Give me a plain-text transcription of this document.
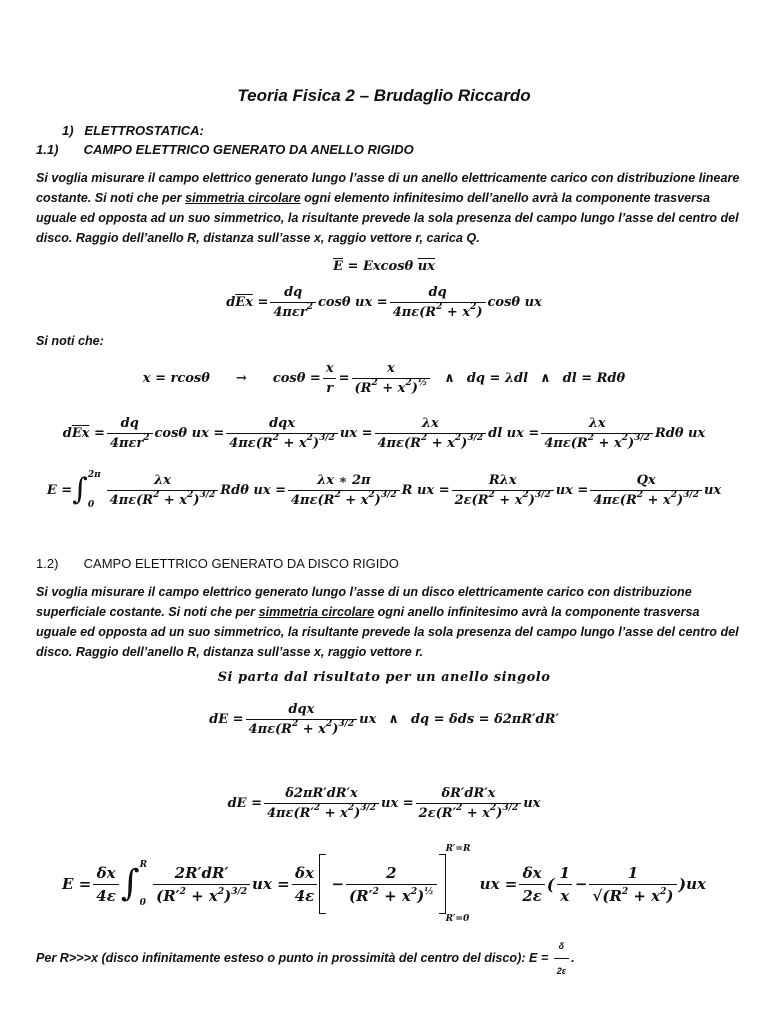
Teoria Fisica 2 – Brudaglio Riccardo
1) ELETTROSTATICA:
1.1) CAMPO ELETTRICO GENERATO DA ANELLO RIGIDO
Si voglia misurare il campo elettrico generato lungo l’asse di un anello elettricamente carico con distribuzione lineare costante. Si noti che per simmetria circolare ogni elemento infinitesimo dell’anello avrà la componente trasversa uguale ed opposta ad un suo simmetrico, la risultante prevede la sola presenza del campo lungo l’asse del centro del disco. Raggio dell’anello R, distanza sull’asse x, raggio vettore r, carica Q.
$\overline{E} = Excos\theta$ $\overline{ux}$
d $\overline{Ex} = \frac{dq}{4\pi\varepsilon r^2}$ cosθ ux = $\frac{dq}{4\pi\varepsilon(R^2 + x^2)}$ cosθ ux
Si noti che:
$x = rcos\theta \to \cos\theta = \frac{x}{r} = \frac{x}{(R^2 + x^2)^{\frac{1}{2}}}$ ∧ dq = λdl ∧ dl = Rdθ
d $\overline{Ex} = \frac{dq}{4\pi\varepsilon r^2}$ cosθ ux = $\frac{\text{dqx}}{4\pi\varepsilon(R^2 + x^2)^{3/2}}$ ux = $\frac{\lambda x}{4\pi\varepsilon(R^2 + x^2)^{3/2}}$ dl ux = $\frac{\lambda x}{4\pi\varepsilon(R^2 + x^2)^{3/2}}$ Rdθ ux
E = ∫ 2π
$0 \frac{\lambda x}{4\pi\varepsilon(R^2 + x^2)^{3/2}}$ Rdθ ux = $\frac{\lambda x ∗ 2\pi}{4\pi\varepsilon(R^2 + x^2)^{3/2}}$ R ux = $\frac{\text{Rλx}}{2\varepsilon(R^2 + x^2)^{3/2}}$ ux = $\frac{Qx}{4\pi\varepsilon(R^2 + x^2)^{3/2}}$ ux
1.2) CAMPO ELETTRICO GENERATO DA DISCO RIGIDO
Si voglia misurare il campo elettrico generato lungo l’asse di un disco elettricamente carico con distribuzione superficiale costante. Si noti che per simmetria circolare ogni anello infinitesimo avrà la componente trasversa uguale ed opposta ad un suo simmetrico, la risultante prevede la sola presenza del campo lungo l’asse del centro del disco. Raggio dell’anello R, distanza sull’asse x, raggio vettore r.
Si parta dal risultato per un anello singolo
dE = $\frac{\text{dqx}}{4\pi\varepsilon(R^2 + x^2)^{3/2}}$ ux
∧ dq = δds = δ2πR′dR′
dE = $\frac{\delta 2\pi R'dR'x}{4\pi\varepsilon(R'^2 + x^2)^{3/2}}$ ux = $\frac{\delta R'dR'x}{2\varepsilon(R'^2 + x^2)^{3/2}}$ ux
$E = \frac{\delta x}{4\varepsilon}$ ∫ R
$0 \frac{2R'dR'}{(R'^2 + x^2)^{3/2}}$ ux = $\frac{\delta x}{4\varepsilon} - \frac{2}{(R'^2 + x^2)^{\frac{1}{2}}}$
R′=R
R′=0
ux = $\frac{\delta x}{2\varepsilon}$ ( $\frac{1}{x} - \frac{1}{√(R^2 + x^2)}$ ) ux
Per R>>>x (disco infinitamente esteso o punto in prossimità del centro del disco): $E = \frac{\delta}{2\varepsilon}$ .
